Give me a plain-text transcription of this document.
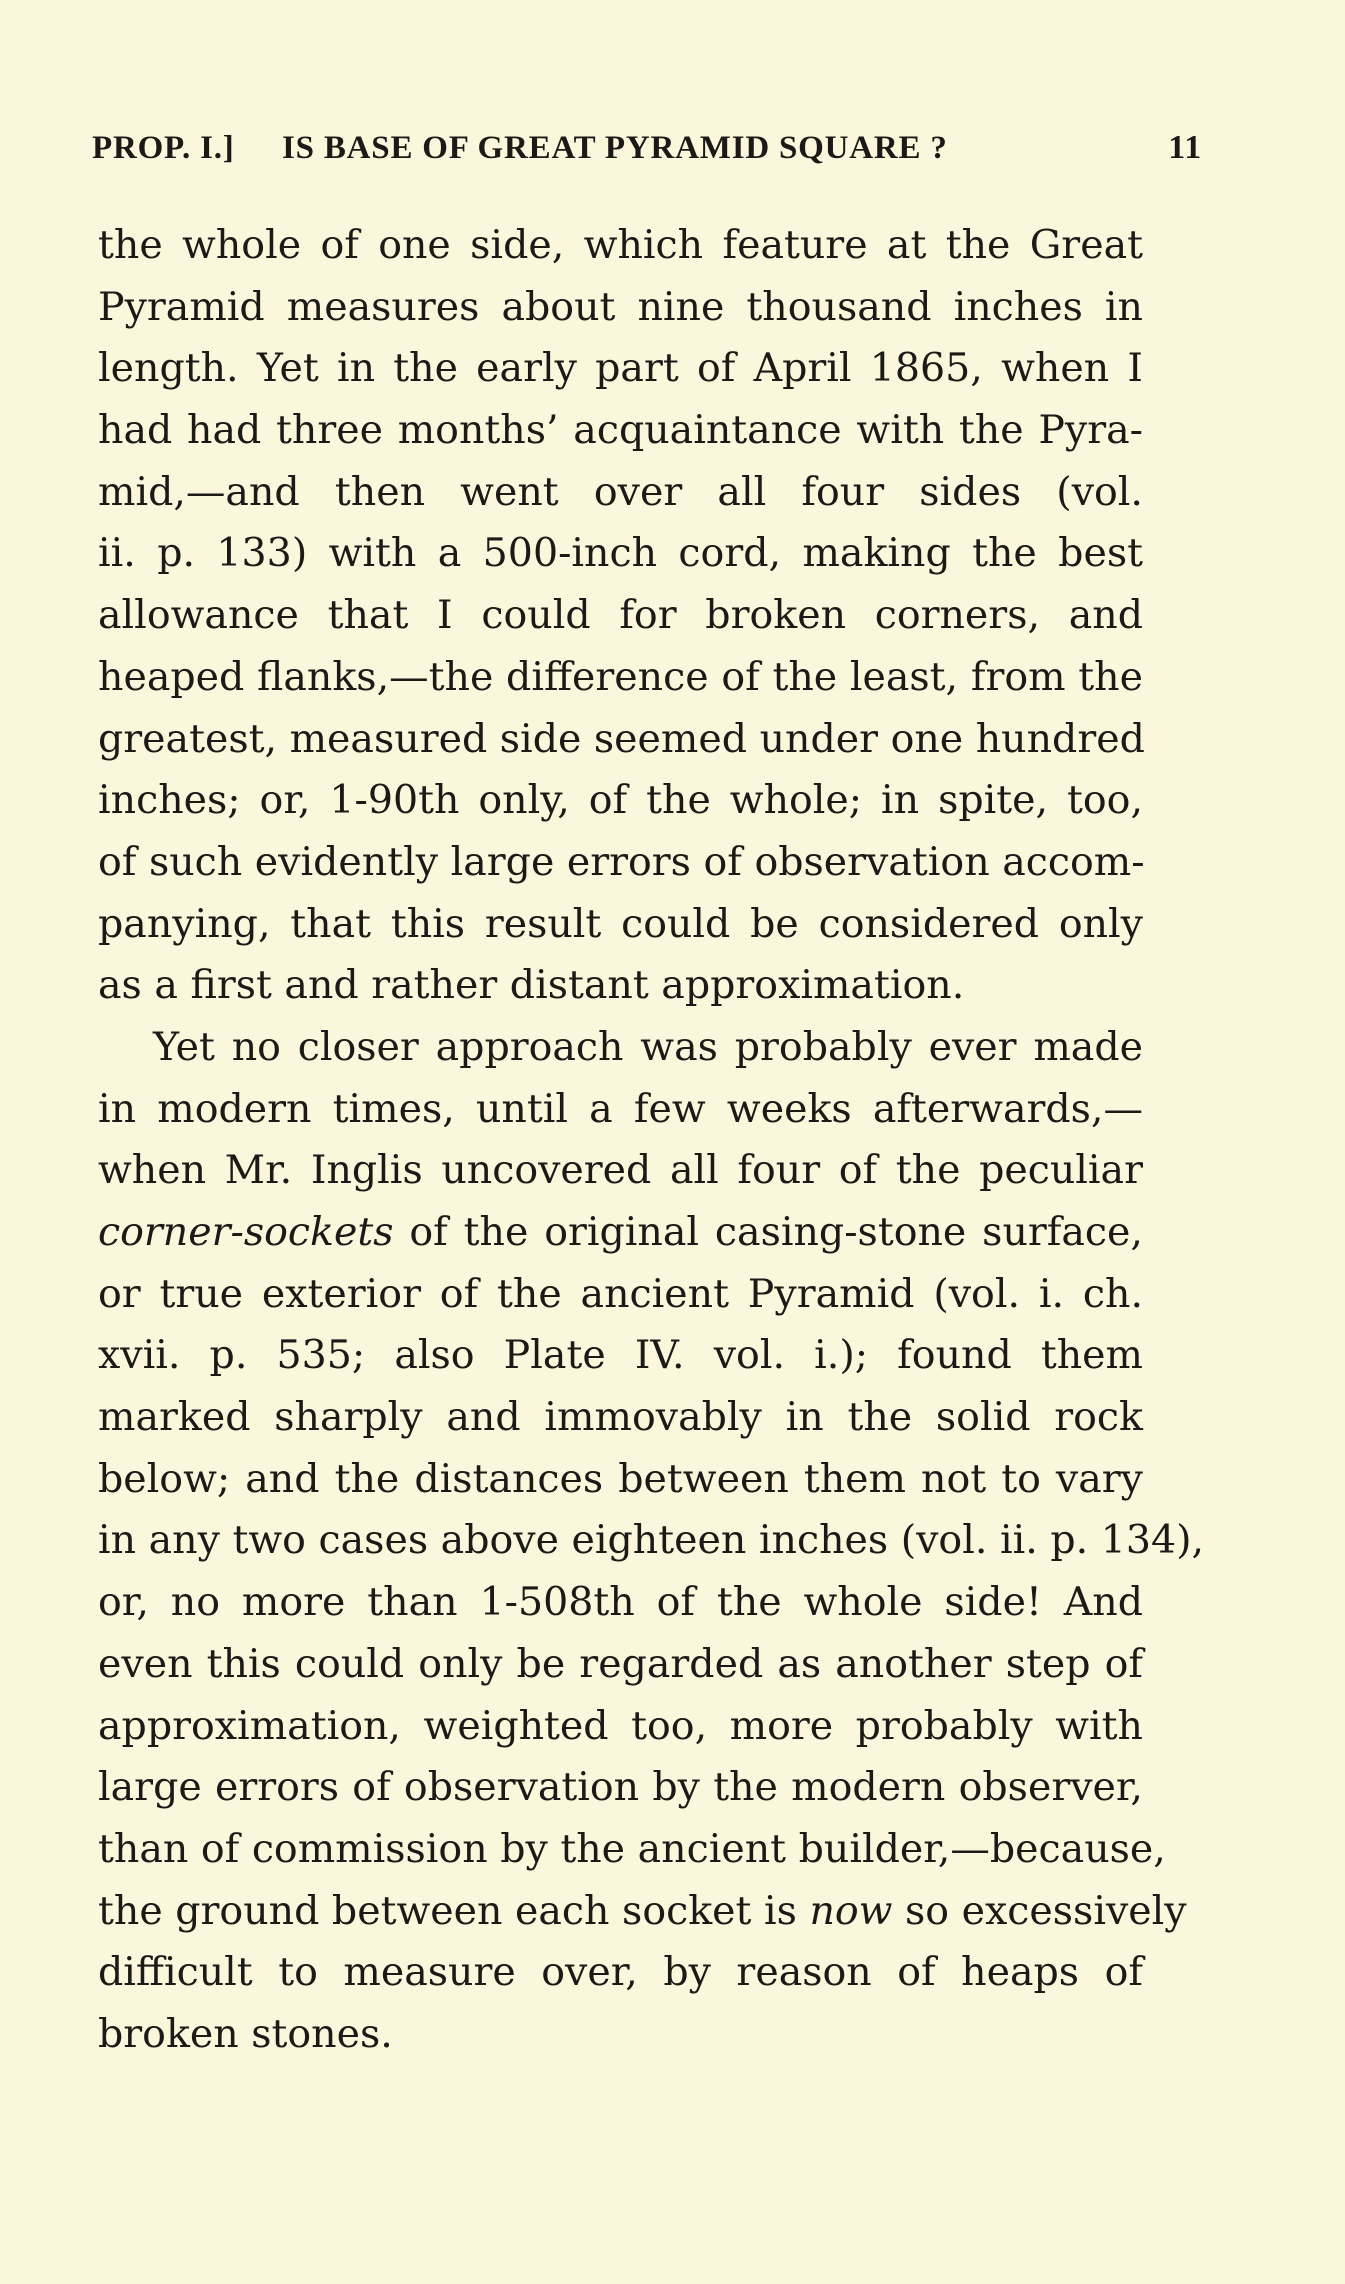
PROP. I.] IS BASE OF GREAT PYRAMID SQUARE ?	11
the whole of one side, which feature at the Great
Pyramid measures about nine thousand inches in
length. Yet in the early part of April 1865, when I
had had three months’ acquaintance with the Pyra-
mid,—and then went over all four sides (vol.
ii. p. 133) with a 500-inch cord, making the best
allowance that I could for broken corners, and
heaped flanks,—the difference of the least, from the
greatest, measured side seemed under one hundred
inches; or, 1-90th only, of the whole; in spite, too,
of such evidently large errors of observation accom-
panying, that this result could be considered only
as a first and rather distant approximation.
Yet no closer approach was probably ever made
in modern times, until a few weeks afterwards,—
when Mr. Inglis uncovered all four of the peculiar
corner-sockets of the original casing-stone surface,
or true exterior of the ancient Pyramid (vol. i. ch.
xvii. p. 535; also Plate IV. vol. i.); found them
marked sharply and immovably in the solid rock
below; and the distances between them not to vary
in any two cases above eighteen inches (vol. ii. p. 134),
or, no more than 1-508th of the whole side! And
even this could only be regarded as another step of
approximation, weighted too, more probably with
large errors of observation by the modern observer,
than of commission by the ancient builder,—because,
the ground between each socket is now so excessively
difficult to measure over, by reason of heaps of
broken stones.
